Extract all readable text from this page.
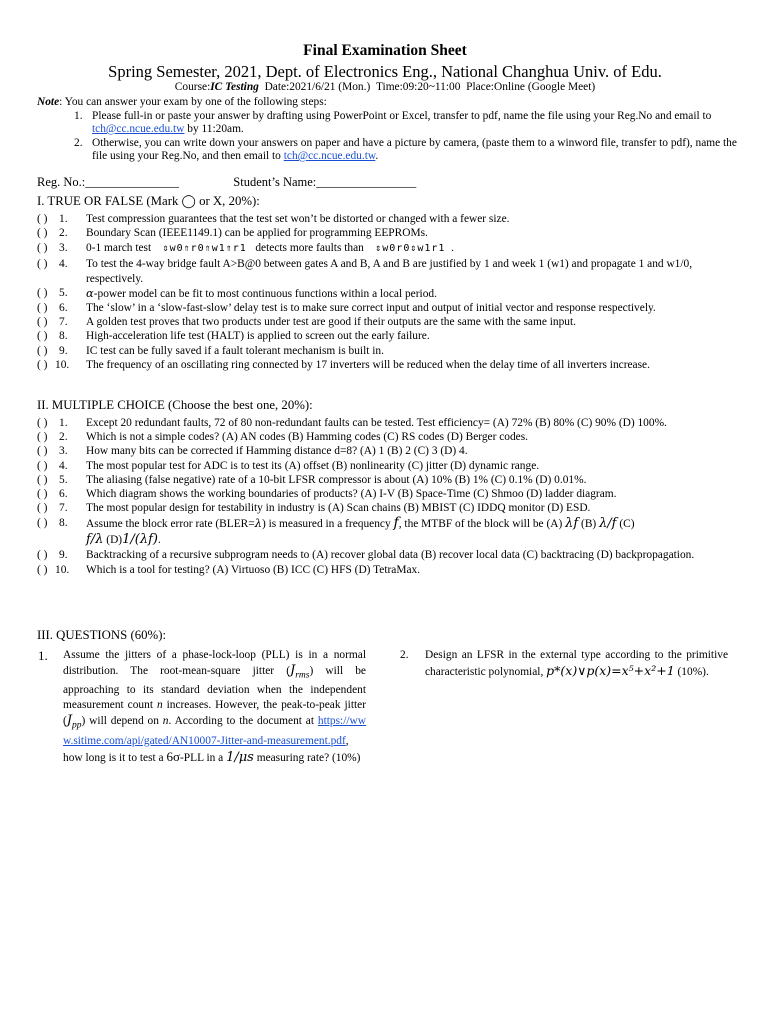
Final Examination Sheet
Spring Semester, 2021, Dept. of Electronics Eng., National Changhua Univ. of Edu.
Course:IC Testing Date:2021/6/21 (Mon.) Time:09:20~11:00 Place:Online (Google Meet)
Note: You can answer your exam by one of the following steps:
1. Please full-in or paste your answer by drafting using PowerPoint or Excel, transfer to pdf, name the file using your Reg.No and email to tch@cc.ncue.edu.tw by 11:20am.
2. Otherwise, you can write down your answers on paper and have a picture by camera, (paste them to a winword file, transfer to pdf), name the file using your Reg.No, and then email to tch@cc.ncue.edu.tw.
Reg. No.:_______________	Student’s Name:________________
I. TRUE OR FALSE (Mark ◯ or X, 20%):
( ) 1. Test compression guarantees that the test set won’t be distorted or changed with a fewer size.
( ) 2. Boundary Scan (IEEE1149.1) can be applied for programming EEPROMs.
( ) 3. 0-1 march test ⇕w0⇑r0⇑w1⇑r1 detects more faults than ⇕w0r0⇕w1r1 .
( ) 4. To test the 4-way bridge fault A>B@0 between gates A and B, A and B are justified by 1 and week 1 (w1) and propagate 1 and w1/0, respectively.
( ) 5. α-power model can be fit to most continuous functions within a local period.
( ) 6. The ‘slow’ in a ‘slow-fast-slow’ delay test is to make sure correct input and output of initial vector and response respectively.
( ) 7. A golden test proves that two products under test are good if their outputs are the same with the same input.
( ) 8. High-acceleration life test (HALT) is applied to screen out the early failure.
( ) 9. IC test can be fully saved if a fault tolerant mechanism is built in.
( ) 10. The frequency of an oscillating ring connected by 17 inverters will be reduced when the delay time of all inverters increase.
II. MULTIPLE CHOICE (Choose the best one, 20%):
( ) 1. Except 20 redundant faults, 72 of 80 non-redundant faults can be tested. Test efficiency= (A) 72% (B) 80% (C) 90% (D) 100%.
( ) 2. Which is not a simple codes? (A) AN codes (B) Hamming codes (C) RS codes (D) Berger codes.
( ) 3. How many bits can be corrected if Hamming distance d=8? (A) 1 (B) 2 (C) 3 (D) 4.
( ) 4. The most popular test for ADC is to test its (A) offset (B) nonlinearity (C) jitter (D) dynamic range.
( ) 5. The aliasing (false negative) rate of a 10-bit LFSR compressor is about (A) 10% (B) 1% (C) 0.1% (D) 0.01%.
( ) 6. Which diagram shows the working boundaries of products? (A) I-V (B) Space-Time (C) Shmoo (D) ladder diagram.
( ) 7. The most popular design for testability in industry is (A) Scan chains (B) MBIST (C) IDDQ monitor (D) ESD.
( ) 8. Assume the block error rate (BLER=λ) is measured in a frequency f, the MTBF of the block will be (A) λf (B) λ/f (C)
f/λ (D)1/(λf).
( ) 9. Backtracking of a recursive subprogram needs to (A) recover global data (B) recover local data (C) backtracing (D) backpropagation.
( ) 10. Which is a tool for testing? (A) Virtuoso (B) ICC (C) HFS (D) TetraMax.
III. QUESTIONS (60%):
1. Assume the jitters of a phase-lock-loop (PLL) is in a normal distribution. The root-mean-square jitter $(J_{rms})$ will be approaching to its standard deviation when the independent measurement count n increases. However, the peak-to-peak jitter $(J_{pp})$ will depend on n. According to the document at https://www.sitime.com/api/gated/AN10007-Jitter-and-measurement.pdf, how long is it to test a 6σ-PLL in a 1/μs measuring rate? (10%)
2. Design an LFSR in the external type according to the primitive characteristic polynomial, p*(x)∨p(x)=x⁵+x²+1 (10%).
